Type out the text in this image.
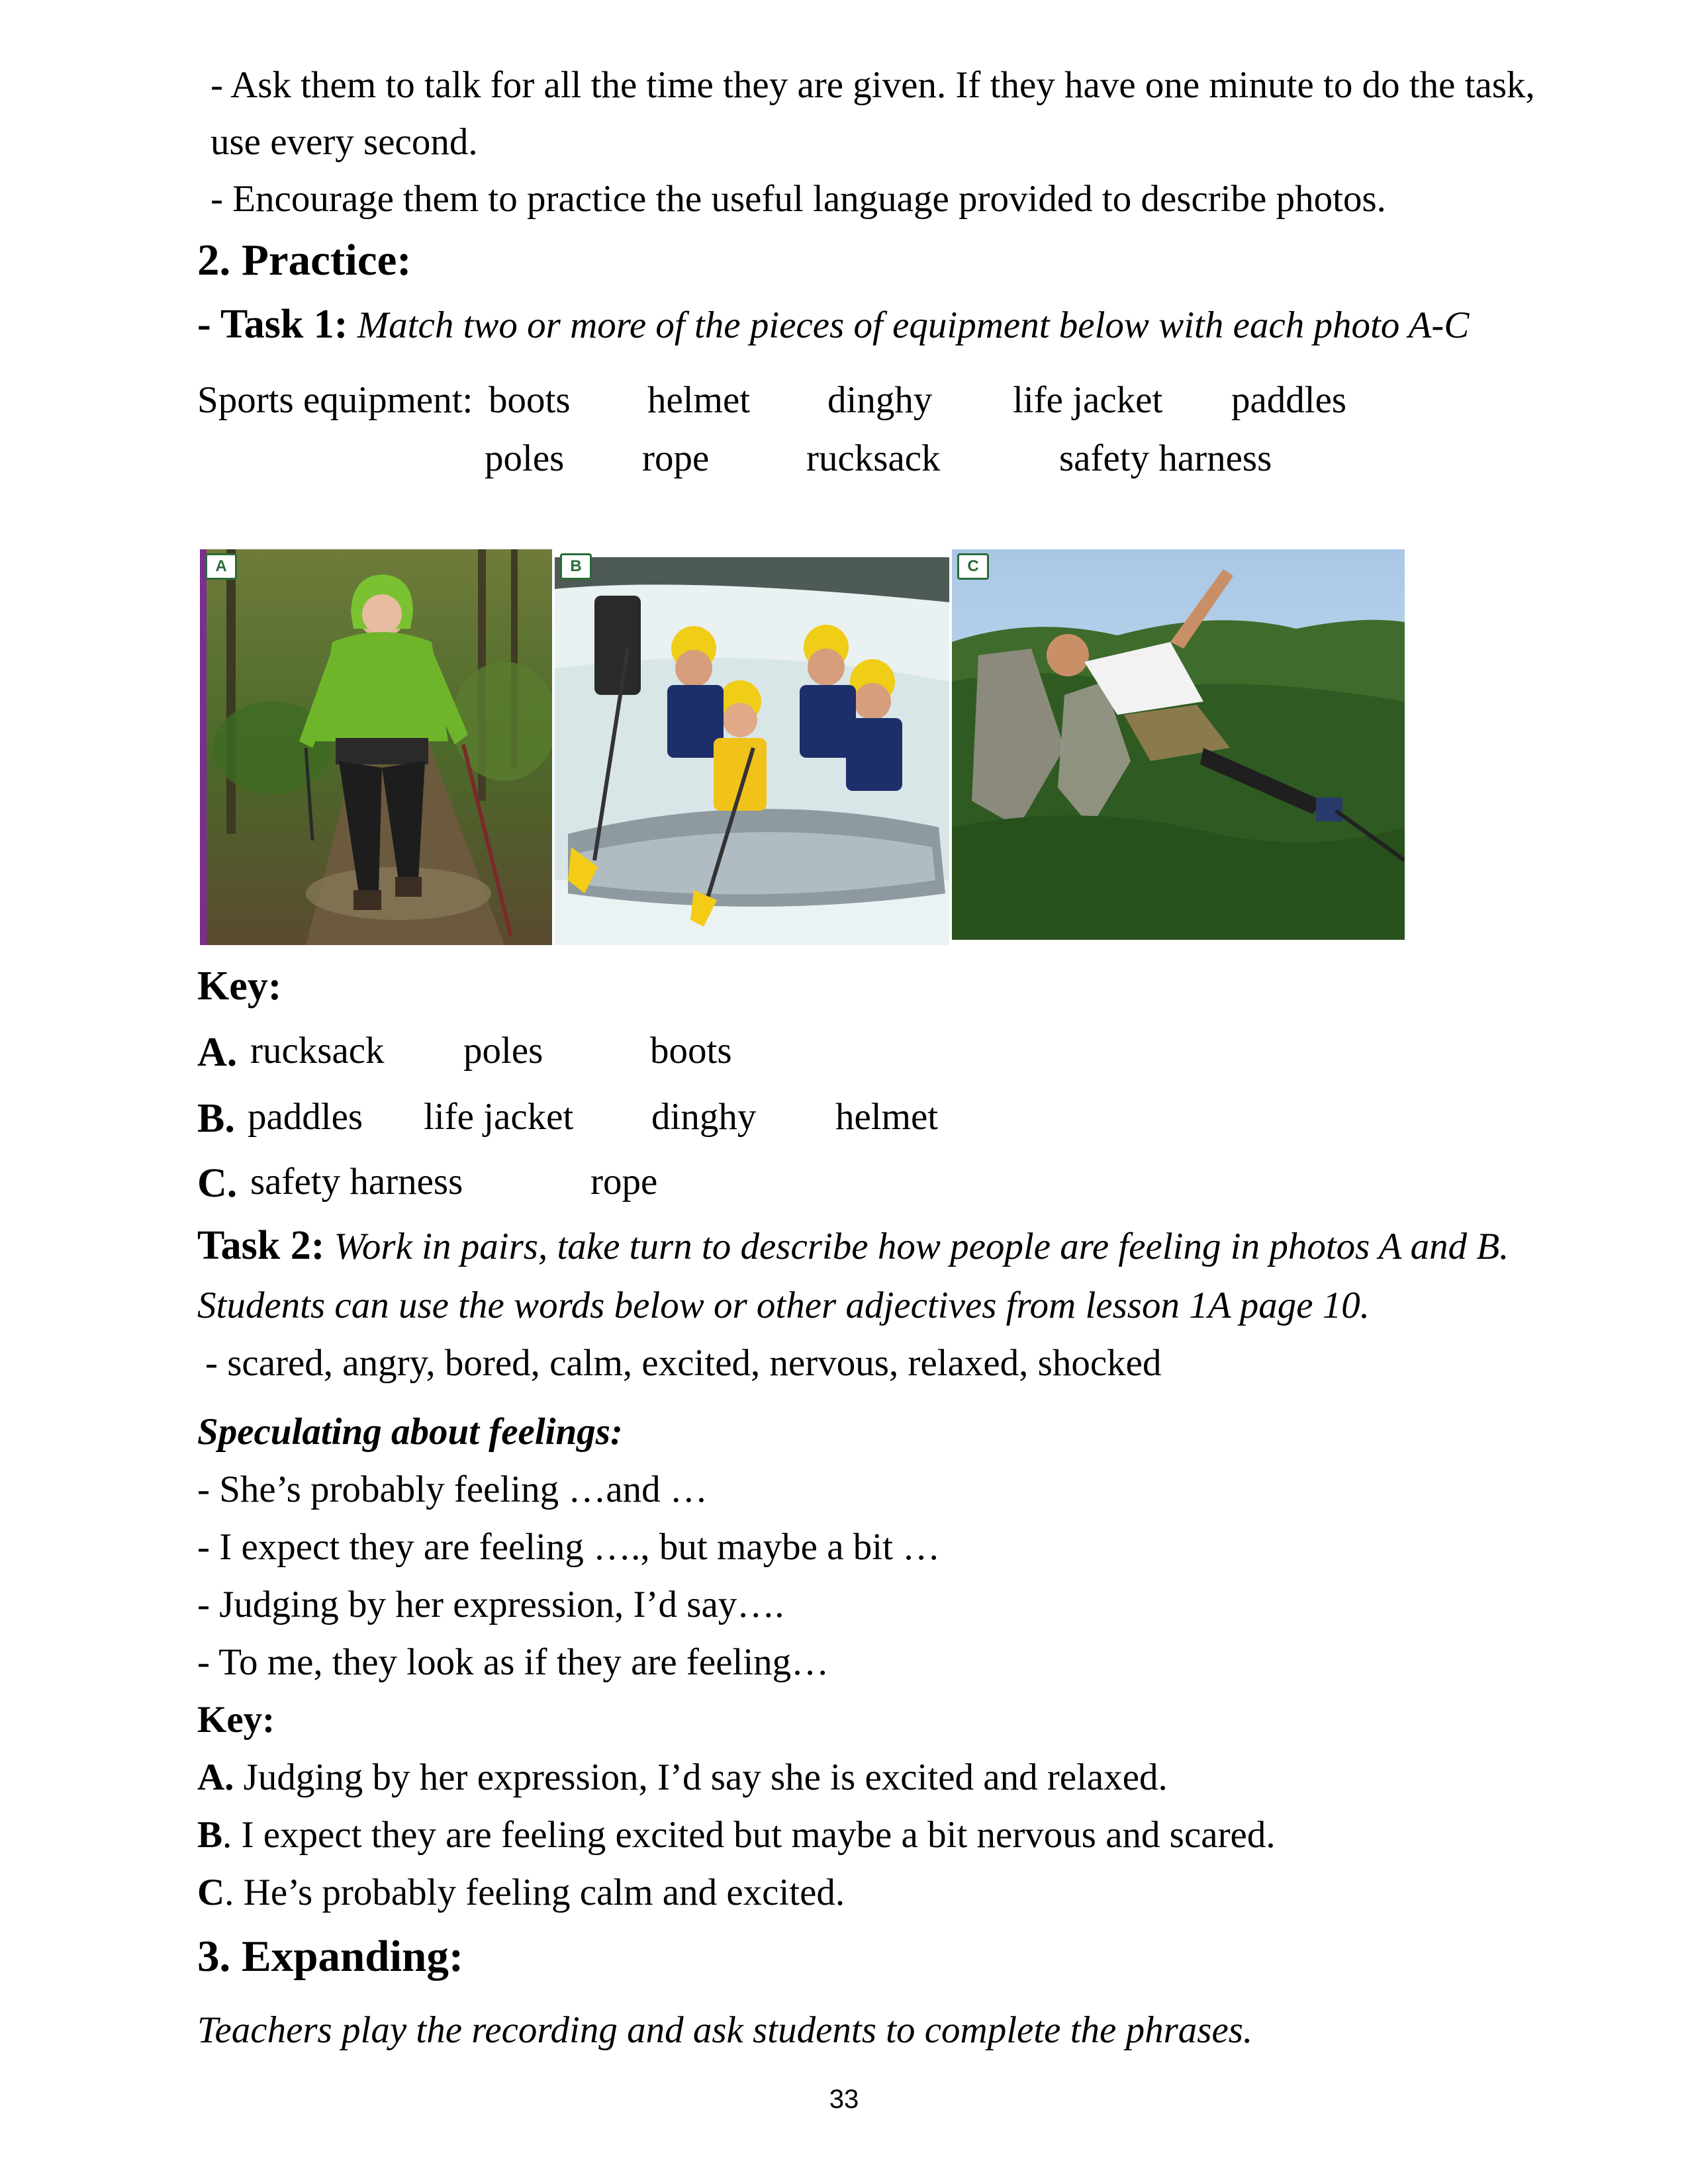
- Ask them to talk for all the time they are given. If they have one minute to do the task,
use every second.
- Encourage them to practice the useful language provided to describe photos.
2. Practice:
- Task 1: Match two or more of the pieces of equipment below with each photo A-C
Sports equipment: boots helmet dinghy life jacket paddles
poles rope	rucksack	safety harness
A	B	C
Key:
A. rucksack poles	boots
B. paddles life jacket dinghy helmet
C. safety harness	rope
Task 2: Work in pairs, take turn to describe how people are feeling in photos A and B.
Students can use the words below or other adjectives from lesson 1A page 10.
- scared, angry, bored, calm, excited, nervous, relaxed, shocked
Speculating about feelings:
- She’s probably feeling …and …
- I expect they are feeling …., but maybe a bit …
- Judging by her expression, I’d say….
- To me, they look as if they are feeling…
Key:
A. Judging by her expression, I’d say she is excited and relaxed.
B. I expect they are feeling excited but maybe a bit nervous and scared.
C. He’s probably feeling calm and excited.
3. Expanding:
Teachers play the recording and ask students to complete the phrases.
33
